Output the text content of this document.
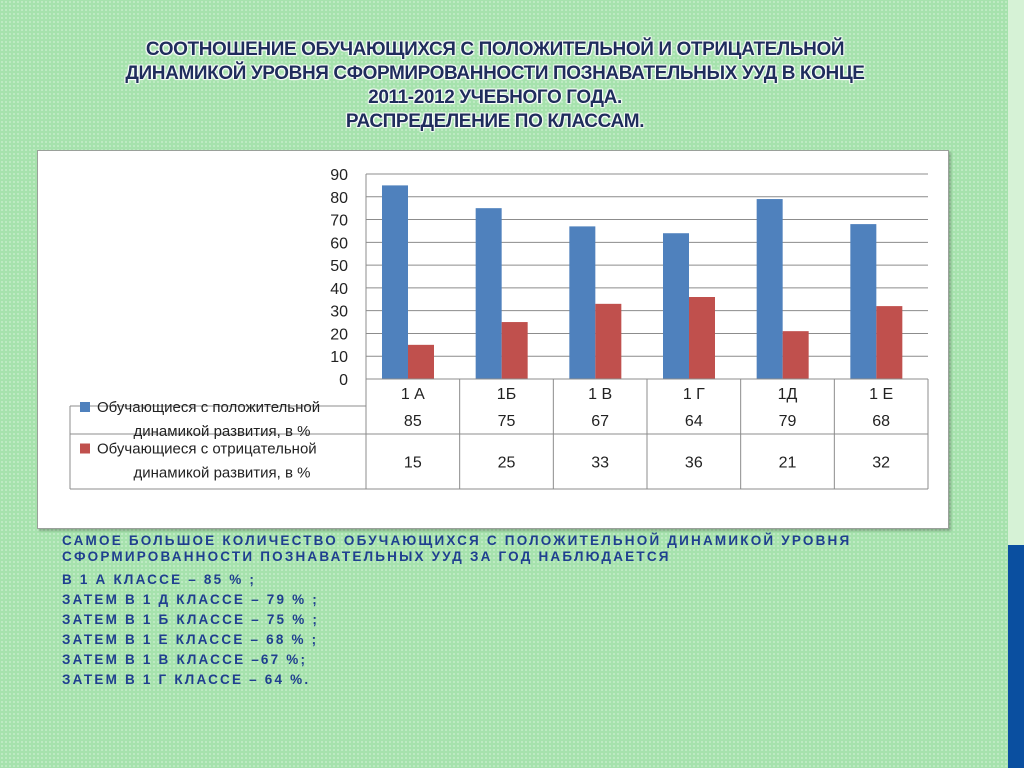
СООТНОШЕНИЕ ОБУЧАЮЩИХСЯ С ПОЛОЖИТЕЛЬНОЙ И ОТРИЦАТЕЛЬНОЙ
ДИНАМИКОЙ УРОВНЯ СФОРМИРОВАННОСТИ ПОЗНАВАТЕЛЬНЫХ УУД В КОНЦЕ
2011-2012 УЧЕБНОГО ГОДА.
РАСПРЕДЕЛЕНИЕ ПО КЛАССАМ.
0
10
20
30
40
50
60
70
80
90
1 А	1Б	1 В	1 Г	1Д	1 Е
Обучающиеся с положительной
динамикой развития, в %
85	75	67	64	79	68
Обучающиеся с отрицательной
динамикой развития, в %
15	25	33	36	21	32
САМОЕ БОЛЬШОЕ КОЛИЧЕСТВО ОБУЧАЮЩИХСЯ С ПОЛОЖИТЕЛЬНОЙ ДИНАМИКОЙ УРОВНЯ СФОРМИРОВАННОСТИ ПОЗНАВАТЕЛЬНЫХ УУД ЗА ГОД НАБЛЮДАЕТСЯ
В 1 А КЛАССЕ – 85 % ;
ЗАТЕМ В 1 Д КЛАССЕ – 79 % ;
ЗАТЕМ В 1 Б КЛАССЕ – 75 % ;
ЗАТЕМ В 1 Е КЛАССЕ – 68 % ;
ЗАТЕМ В 1 В КЛАССЕ –67 %;
ЗАТЕМ В 1 Г КЛАССЕ – 64 %.
